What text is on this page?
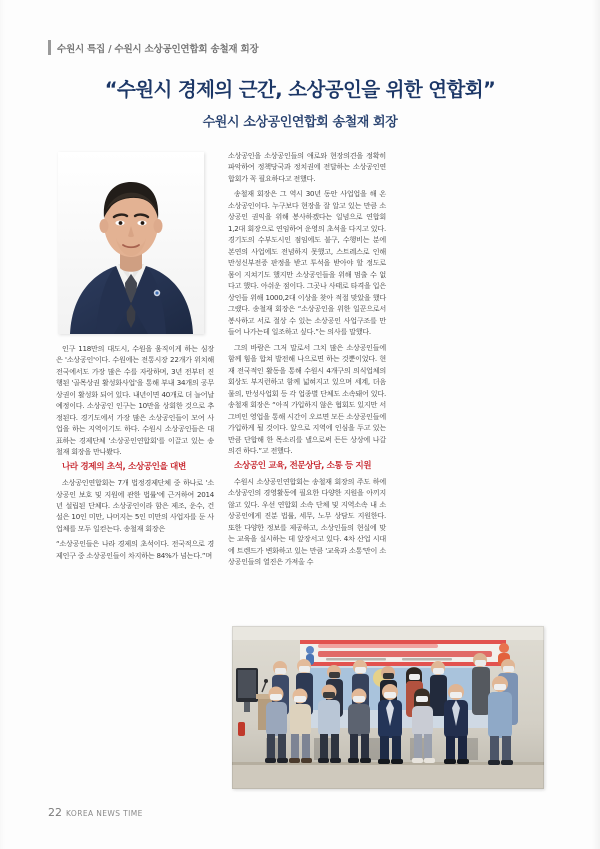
수원시 특집 / 수원시 소상공인연합회 송철재 회장
“수원시 경제의 근간, 소상공인을 위한 연합회”
수원시 소상공인연합회 송철재 회장

인구 118만의 대도시, 수원을 움직이게 하는 심장은 '소상공인'이다. 수원에는 전통시장 22개가 위치해 전국에서도 가장 많은 수를 자랑하며, 3년 전부터 진행된 '골목상권 활성화사업'을 통해 부내 34개의 공무상권이 활성화 되어 있다. 내년이면 40개로 더 늘어날 예정이다. 소상공인 인구는 10만을 상회한 것으로 추정된다. 경기도에서 가장 많은 소상공인들이 모여 사업을 하는 지역이기도 하다. 수원시 소상공인들은 대표하는 경제단체 '소상공인연합회'를 이끌고 있는 송철재 회장을 만나봤다.

나라 경제의 초석, 소상공인을 대변

소상공인연합회는 7개 법정경제단체 중 하나로 '소상공인 보호 및 지원에 관한 법률'에 근거하여 2014년 설립된 단체다. 소상공인이라 함은 제조, 운수, 건설은 10인 미만, 나머지는 5인 미만의 사업자를 둔 사업체를 모두 일컫는다. 송철재 회장은

“소상공인들은 나라 경제의 초석이다. 전국적으로 경제인구 중 소상공인들이 차지하는 84%가 넘는다.”며

소상공인을 소상공인들의 애로와 현장의견을 정확히 파악하여 정책당국과 정치권에 전달하는 소상공인연합회가 꼭 필요하다고 전했다.

송철재 회장은 그 역시 30년 동안 사업업을 해 온 소상공인이다. 누구보다 현장을 잘 알고 있는 만큼 소상공인 권익을 위해 봉사하겠다는 일념으로 연합회 1,2대 회장으로 연임하여 운영의 초석을 다지고 있다. 경기도의 수부도시인 점임에도 불구, 수행비는 분에 본연의 사업에도 전념하지 못했고, 스트레스로 인해 만성신부전증 판정을 받고 투석을 받아야 할 정도로 몸이 지쳐기도 했지만 소상공인들을 위해 멈출 수 없다고 했다. 아쉬운 점이다. 그곳나 사태로 타격을 입은 상인들 위해 1000,2대 이상을 찾아 적절 맞았을 했다 그랬다. 송철재 회장은 “소상공인을 위한 일꾼으로서 봉사하고 서로 절상 수 있는 소상공인 사업구조를 만들어 나가는데 일조하고 싶다.”는 의사를 말했다.

그의 바람은 그저 말로서 그치 많은 소상공인들에 함께 힘을 합쳐 발전해 나으로면 하는 것뿐이었다. 현재 전국적인 활동을 통해 수원시 4개구의 의식업체의 회상도 부지런하고 함께 넓혀지고 있으며 세계, 더음물의, 만성사업회 등 각 업종별 단체도 소속돼어 있다. 송철재 회장은 “아직 가입하지 않은 협회도 있지만 서그비인 영업을 통해 시간이 오르면 모든 소상공인들에 가입하게 될 것이다. 앞으로 지역에 인심을 두고 있는 만큼 단합해 한 목소리를 낼으로써 든든 상상에 나갈 의견 하다.”고 전했다.

소상공인 교육, 전문상담, 소통 등 지원

수원시 소상공인연합회는 송철재 회장의 주도 하에 소상공인의 경영활동에 필요한 다양한 지원을 아끼지 않고 있다. 우선 연합회 소속 단체 및 지역소속 내 소상공인에게 진분 법률, 세무, 노무 상담도 지원한다. 또한 다양한 정보를 제공하고, 소상인들의 현실에 맞는 교육을 실시하는 데 앞장서고 있다. 4차 산업 시대에 트렌드가 변화하고 있는 만큼 '교육과 소통'만이 소상공인들의 열진은 가져올 수

22 KOREA NEWS TIME
